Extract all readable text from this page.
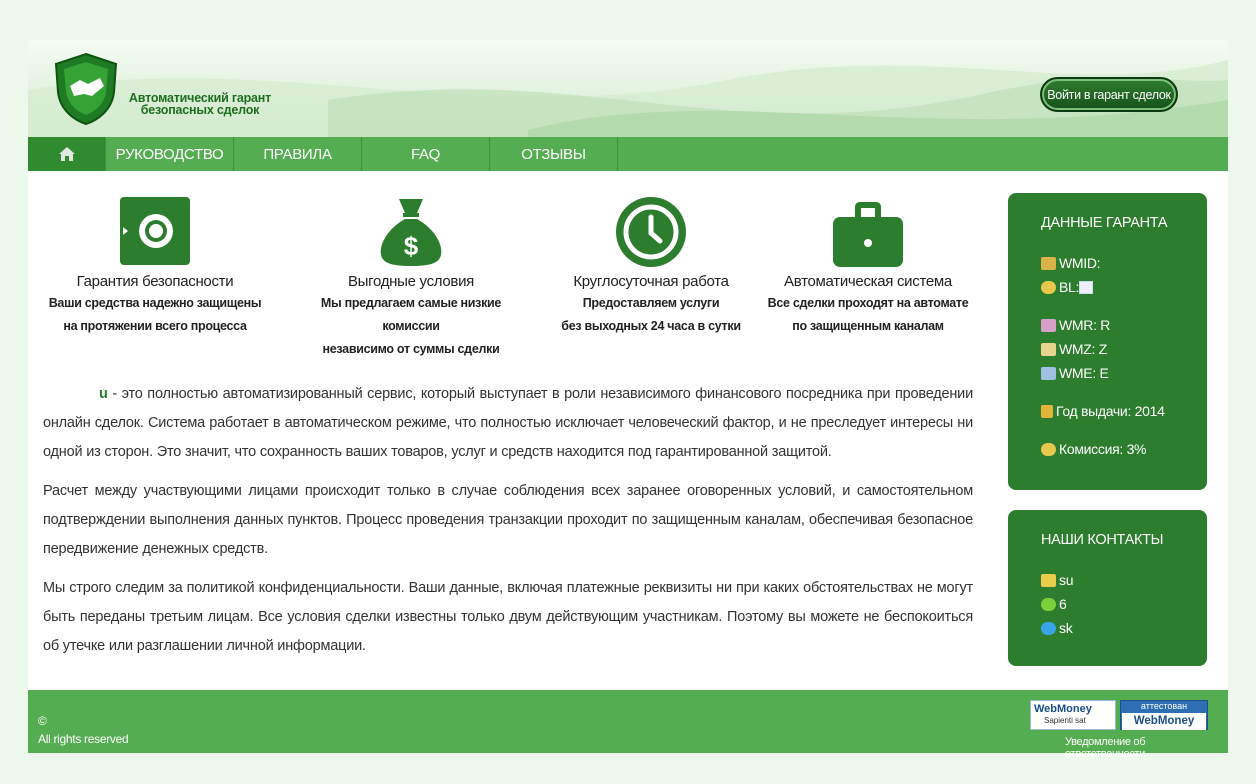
Автоматический гарант
безопасных сделок
Войти в гарант сделок
РУКОВОДСТВО	ПРАВИЛА	FAQ	ОТЗЫВЫ
Гарантия безопасности
Ваши средства надежно защищены
на протяжении всего процесса
$
Выгодные условия
Мы предлагаем самые низкие комиссии
независимо от суммы сделки
Круглосуточная работа
Предоставляем услуги
без выходных 24 часа в сутки
Автоматическая система
Все сделки проходят на автомате
по защищенным каналам

u - это полностью автоматизированный сервис, который выступает в роли независимого финансового посредника при проведении онлайн сделок. Система работает в автоматическом режиме, что полностью исключает человеческий фактор, и не преследует интересы ни одной из сторон. Это значит, что сохранность ваших товаров, услуг и средств находится под гарантированной защитой.

Расчет между участвующими лицами происходит только в случае соблюдения всех заранее оговоренных условий, и самостоятельном подтверждении выполнения данных пунктов. Процесс проведения транзакции проходит по защищенным каналам, обеспечивая безопасное передвижение денежных средств.

Мы строго следим за политикой конфиденциальности. Ваши данные, включая платежные реквизиты ни при каких обстоятельствах не могут быть переданы третьим лицам. Все условия сделки известны только двум действующим участникам. Поэтому вы можете не беспокоиться об утечке или разглашении личной информации.

ДАННЫЕ ГАРАНТА
WMID:
BL:
WMR: R
WMZ: Z
WME: E
Год выдачи: 2014
Комиссия: 3%
НАШИ КОНТАКТЫ
su
6
sk
©
All rights reserved
WebMoney
Sapienti sat
аттестован
WebMoney
Уведомление об ответственности
